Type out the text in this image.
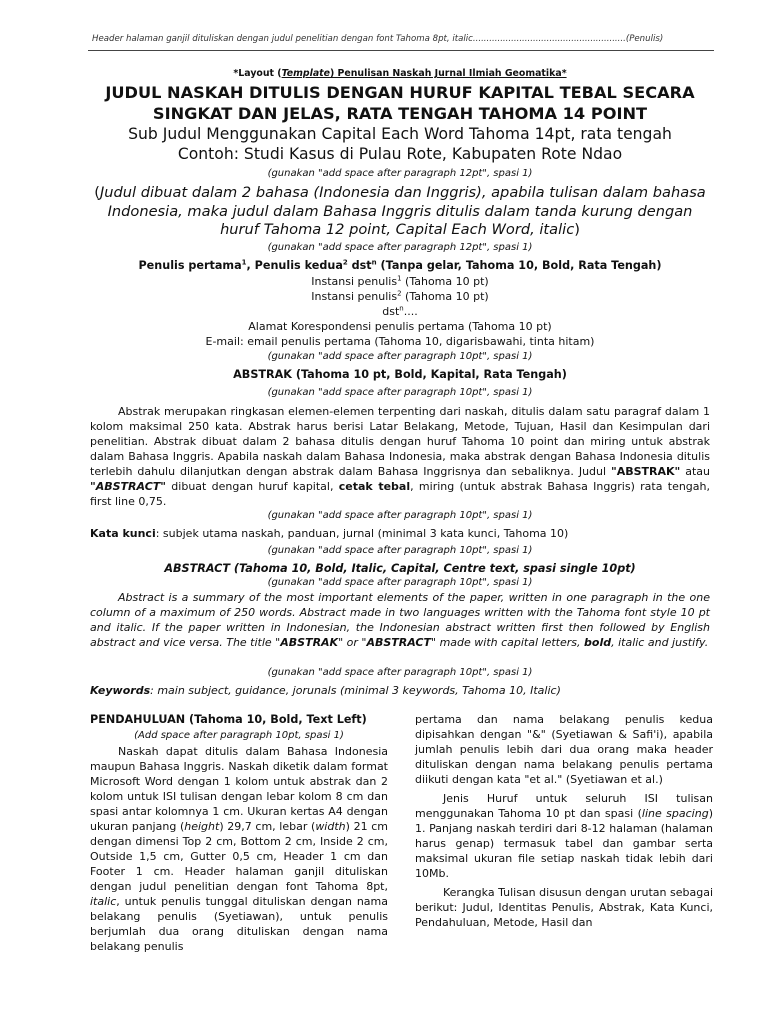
Header halaman ganjil dituliskan dengan judul penelitian dengan font Tahoma 8pt, italic........................................................(Penulis)
*Layout (Template) Penulisan Naskah Jurnal Ilmiah Geomatika*
JUDUL NASKAH DITULIS DENGAN HURUF KAPITAL TEBAL SECARA
SINGKAT DAN JELAS, RATA TENGAH TAHOMA 14 POINT
Sub Judul Menggunakan Capital Each Word Tahoma 14pt, rata tengah
Contoh: Studi Kasus di Pulau Rote, Kabupaten Rote Ndao
(gunakan "add space after paragraph 12pt", spasi 1)
(Judul dibuat dalam 2 bahasa (Indonesia dan Inggris), apabila tulisan dalam bahasa Indonesia, maka judul dalam Bahasa Inggris ditulis dalam tanda kurung dengan huruf Tahoma 12 point, Capital Each Word, italic)
(gunakan "add space after paragraph 12pt", spasi 1)
Penulis pertama$^1$, Penulis kedua$^2$ dst$^n$ (Tanpa gelar, Tahoma 10, Bold, Rata Tengah)
Instansi penulis$^1$ (Tahoma 10 pt)
Instansi penulis$^2$ (Tahoma 10 pt)
dst$^n$....
Alamat Korespondensi penulis pertama (Tahoma 10 pt)
E-mail: email penulis pertama (Tahoma 10, digarisbawahi, tinta hitam)
(gunakan "add space after paragraph 10pt", spasi 1)
ABSTRAK (Tahoma 10 pt, Bold, Kapital, Rata Tengah)
(gunakan "add space after paragraph 10pt", spasi 1)
Abstrak merupakan ringkasan elemen-elemen terpenting dari naskah, ditulis dalam satu paragraf dalam 1 kolom maksimal 250 kata. Abstrak harus berisi Latar Belakang, Metode, Tujuan, Hasil dan Kesimpulan dari penelitian. Abstrak dibuat dalam 2 bahasa ditulis dengan huruf Tahoma 10 point dan miring untuk abstrak dalam Bahasa Inggris. Apabila naskah dalam Bahasa Indonesia, maka abstrak dengan Bahasa Indonesia ditulis terlebih dahulu dilanjutkan dengan abstrak dalam Bahasa Inggrisnya dan sebaliknya. Judul "ABSTRAK" atau "ABSTRACT" dibuat dengan huruf kapital, cetak tebal, miring (untuk abstrak Bahasa Inggris) rata tengah, first line 0,75.
(gunakan "add space after paragraph 10pt", spasi 1)
Kata kunci: subjek utama naskah, panduan, jurnal (minimal 3 kata kunci, Tahoma 10)
(gunakan "add space after paragraph 10pt", spasi 1)
ABSTRACT (Tahoma 10, Bold, Italic, Capital, Centre text, spasi single 10pt)
(gunakan "add space after paragraph 10pt", spasi 1)
Abstract is a summary of the most important elements of the paper, written in one paragraph in the one column of a maximum of 250 words. Abstract made in two languages written with the Tahoma font style 10 pt and italic. If the paper written in Indonesian, the Indonesian abstract written first then followed by English abstract and vice versa. The title "ABSTRAK" or "ABSTRACT" made with capital letters, bold, italic and justify.
(gunakan "add space after paragraph 10pt", spasi 1)
Keywords: main subject, guidance, jorunals (minimal 3 keywords, Tahoma 10, Italic)
PENDAHULUAN (Tahoma 10, Bold, Text Left)
(Add space after paragraph 10pt, spasi 1)

Naskah dapat ditulis dalam Bahasa Indonesia maupun Bahasa Inggris. Naskah diketik dalam format Microsoft Word dengan 1 kolom untuk abstrak dan 2 kolom untuk ISI tulisan dengan lebar kolom 8 cm dan spasi antar kolomnya 1 cm. Ukuran kertas A4 dengan ukuran panjang (height) 29,7 cm, lebar (width) 21 cm dengan dimensi Top 2 cm, Bottom 2 cm, Inside 2 cm, Outside 1,5 cm, Gutter 0,5 cm, Header 1 cm dan Footer 1 cm. Header halaman ganjil dituliskan dengan judul penelitian dengan font Tahoma 8pt, italic, untuk penulis tunggal dituliskan dengan nama belakang penulis (Syetiawan), untuk penulis berjumlah dua orang dituliskan dengan nama belakang penulis

pertama dan nama belakang penulis kedua dipisahkan dengan "&" (Syetiawan & Safi'i), apabila jumlah penulis lebih dari dua orang maka header dituliskan dengan nama belakang penulis pertama diikuti dengan kata "et al." (Syetiawan et al.)

Jenis Huruf untuk seluruh ISI tulisan menggunakan Tahoma 10 pt dan spasi (line spacing) 1. Panjang naskah terdiri dari 8-12 halaman (halaman harus genap) termasuk tabel dan gambar serta maksimal ukuran file setiap naskah tidak lebih dari 10Mb.

Kerangka Tulisan disusun dengan urutan sebagai berikut: Judul, Identitas Penulis, Abstrak, Kata Kunci, Pendahuluan, Metode, Hasil dan
